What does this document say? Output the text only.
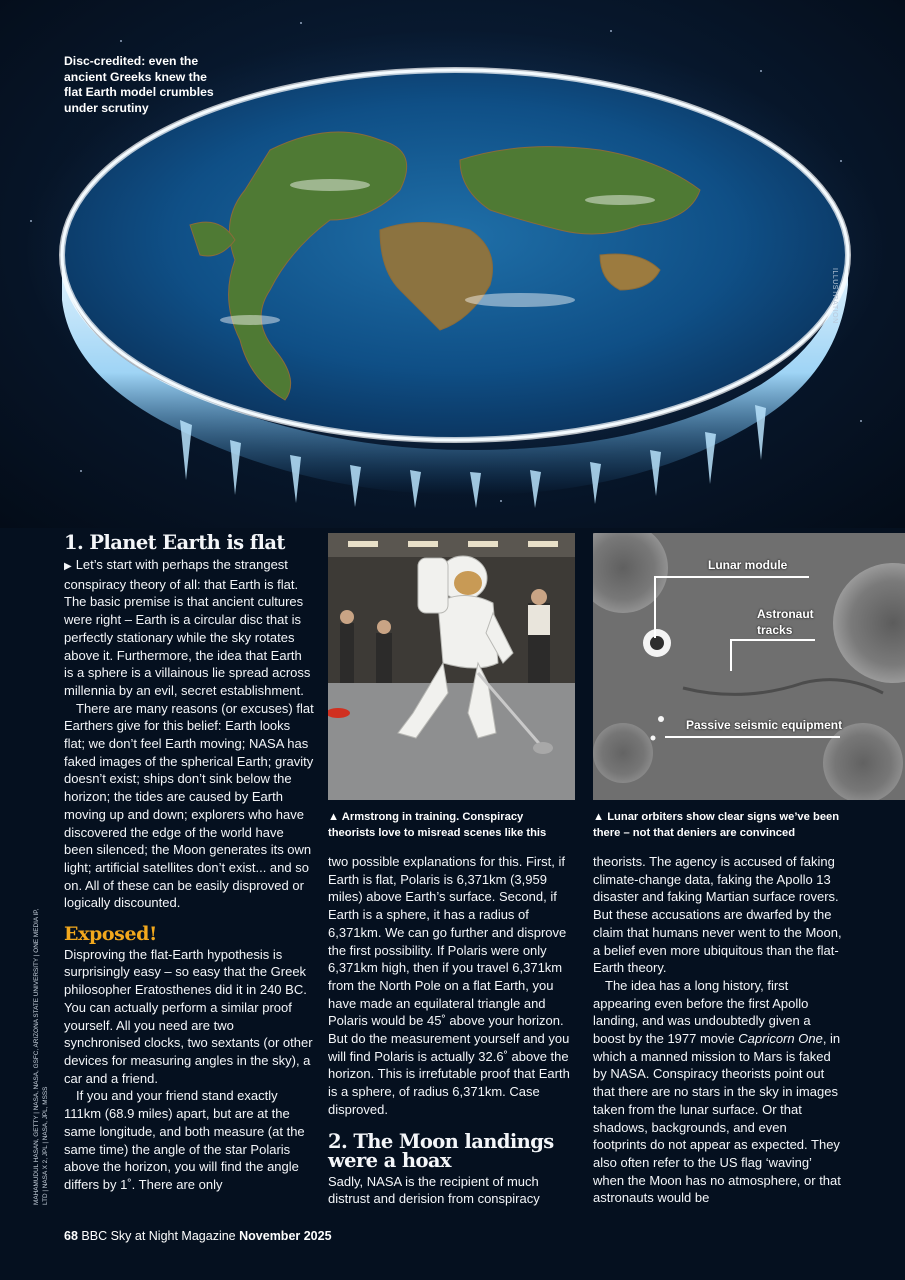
Disc-credited: even the ancient Greeks knew the flat Earth model crumbles under scrutiny
ILLUSTRATION
MAHAMUDUL HASAN, GETTY | NASA, NASA, GSFC, ARIZONA STATE UNIVERSITY | ONE MEDIA IP, LTD | NASA X 2, JPL | NASA, JPL, MSSS
1. Planet Earth is flat

▶ Let’s start with perhaps the strangest conspiracy theory of all: that Earth is flat. The basic premise is that ancient cultures were right – Earth is a circular disc that is perfectly stationary while the sky rotates above it. Furthermore, the idea that Earth is a sphere is a villainous lie spread across millennia by an evil, secret establishment.

There are many reasons (or excuses) flat Earthers give for this belief: Earth looks flat; we don’t feel Earth moving; NASA has faked images of the spherical Earth; gravity doesn’t exist; ships don’t sink below the horizon; the tides are caused by Earth moving up and down; explorers who have discovered the edge of the world have been silenced; the Moon generates its own light; artificial satellites don’t exist... and so on. All of these can be easily disproved or logically discounted.

Exposed!

Disproving the flat-Earth hypothesis is surprisingly easy – so easy that the Greek philosopher Eratosthenes did it in 240 BC. You can actually perform a similar proof yourself. All you need are two synchronised clocks, two sextants (or other devices for measuring angles in the sky), a car and a friend.

If you and your friend stand exactly 111km (68.9 miles) apart, but are at the same longitude, and both measure (at the same time) the angle of the star Polaris above the horizon, you will find the angle differs by 1˚. There are only

▲ Armstrong in training. Conspiracy theorists love to misread scenes like this

two possible explanations for this. First, if Earth is flat, Polaris is 6,371km (3,959 miles) above Earth’s surface. Second, if Earth is a sphere, it has a radius of 6,371km. We can go further and disprove the first possibility. If Polaris were only 6,371km high, then if you travel 6,371km from the North Pole on a flat Earth, you have made an equilateral triangle and Polaris would be 45˚ above your horizon. But do the measurement yourself and you will find Polaris is actually 32.6˚ above the horizon. This is irrefutable proof that Earth is a sphere, of radius 6,371km. Case disproved.

2. The Moon landings were a hoax

Sadly, NASA is the recipient of much distrust and derision from conspiracy

Lunar module
Astronaut tracks
Passive seismic equipment
▲ Lunar orbiters show clear signs we’ve been there – not that deniers are convinced

theorists. The agency is accused of faking climate-change data, faking the Apollo 13 disaster and faking Martian surface rovers. But these accusations are dwarfed by the claim that humans never went to the Moon, a belief even more ubiquitous than the flat-Earth theory.

The idea has a long history, first appearing even before the first Apollo landing, and was undoubtedly given a boost by the 1977 movie Capricorn One, in which a manned mission to Mars is faked by NASA. Conspiracy theorists point out that there are no stars in the sky in images taken from the lunar surface. Or that shadows, backgrounds, and even footprints do not appear as expected. They also often refer to the US flag ‘waving’ when the Moon has no atmosphere, or that astronauts would be

68 BBC Sky at Night Magazine November 2025
